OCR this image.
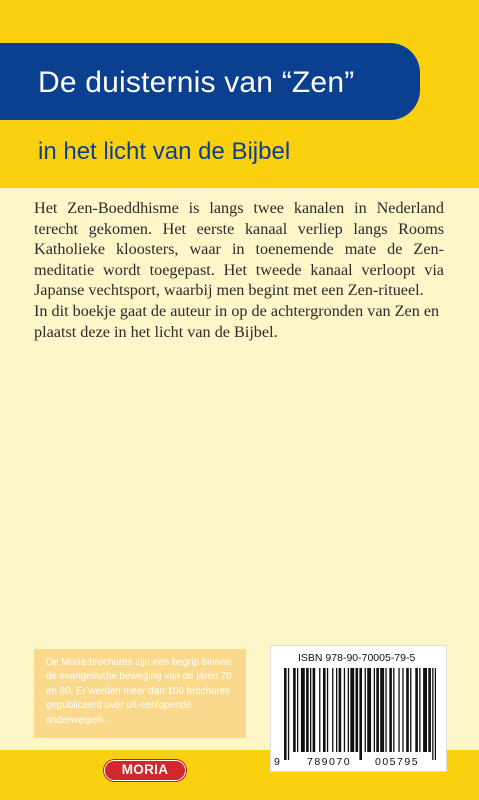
De duisternis van “Zen”
in het licht van de Bijbel

Het Zen-Boeddhisme is langs twee kanalen in Nederland terecht gekomen. Het eerste kanaal verliep langs Rooms Katholieke kloosters, waar in toenemende mate de Zen-meditatie wordt toegepast. Het tweede kanaal verloopt via Japanse vechtsport, waarbij men begint met een Zen-ritueel.

In dit boekje gaat de auteur in op de achtergronden van Zen en plaatst deze in het licht van de Bijbel.

De Moria-brochures zijn een begrip binnen de evangelische beweging van de jaren 70 en 80. Er werden meer dan 100 brochures gepubliceerd over uit-eenlopende onderwerpen.
MORIA
ISBN 978-90-70005-79-5
9	789070 005795
